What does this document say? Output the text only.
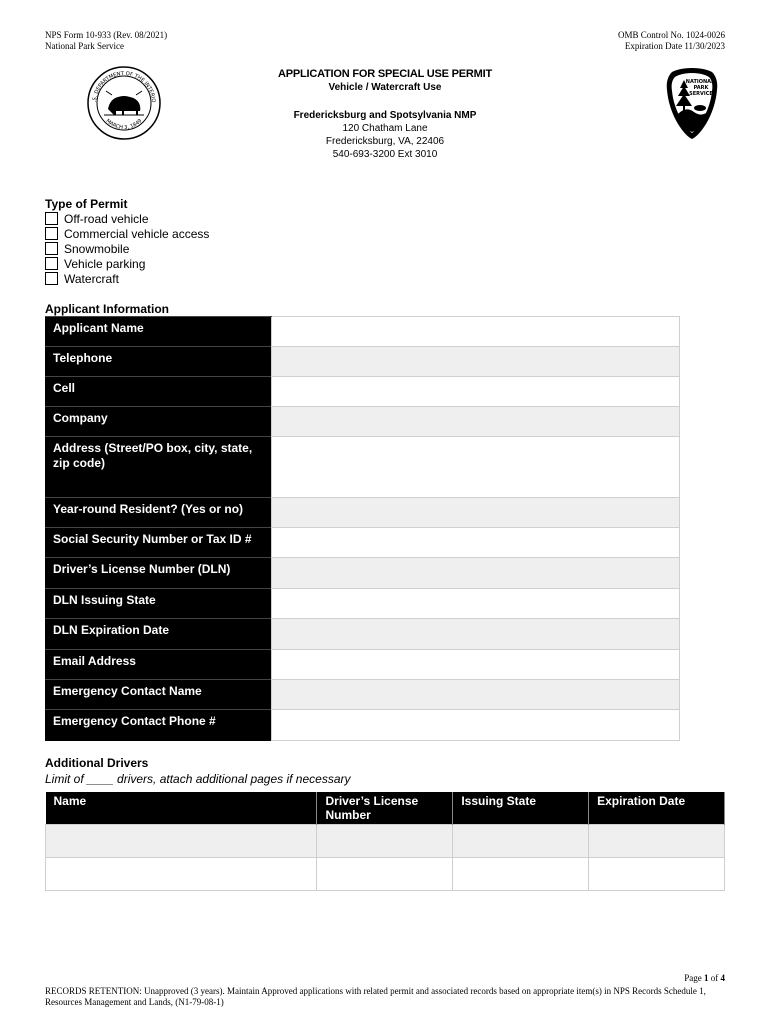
NPS Form 10-933 (Rev. 08/2021)
National Park Service
OMB Control No. 1024-0026
Expiration Date 11/30/2023
.S. DEPARTMENT OF THE INTERIO
MARCH 3, 1849
APPLICATION FOR SPECIAL USE PERMIT
Vehicle / Watercraft Use
Fredericksburg and Spotsylvania NMP
120 Chatham Lane
Fredericksburg, VA, 22406
540-693-3200 Ext 3010
NATIONAL
PARK
SERVICE
Type of Permit
Off-road vehicle
Commercial vehicle access
Snowmobile
Vehicle parking
Watercraft
Applicant Information
Applicant Name	
Telephone	
Cell	
Company	
Address (Street/PO box, city, state, zip code)	
Year-round Resident? (Yes or no)	
Social Security Number or Tax ID #	
Driver’s License Number (DLN)	
DLN Issuing State	
DLN Expiration Date	
Email Address	
Emergency Contact Name	
Emergency Contact Phone #	
Additional Drivers
Limit of ____ drivers, attach additional pages if necessary
Name	Driver’s License Number	Issuing State	Expiration Date

Page 1 of 4
RECORDS RETENTION: Unapproved (3 years). Maintain Approved applications with related permit and associated records based on appropriate item(s) in NPS Records Schedule 1, Resources Management and Lands, (N1-79-08-1)
